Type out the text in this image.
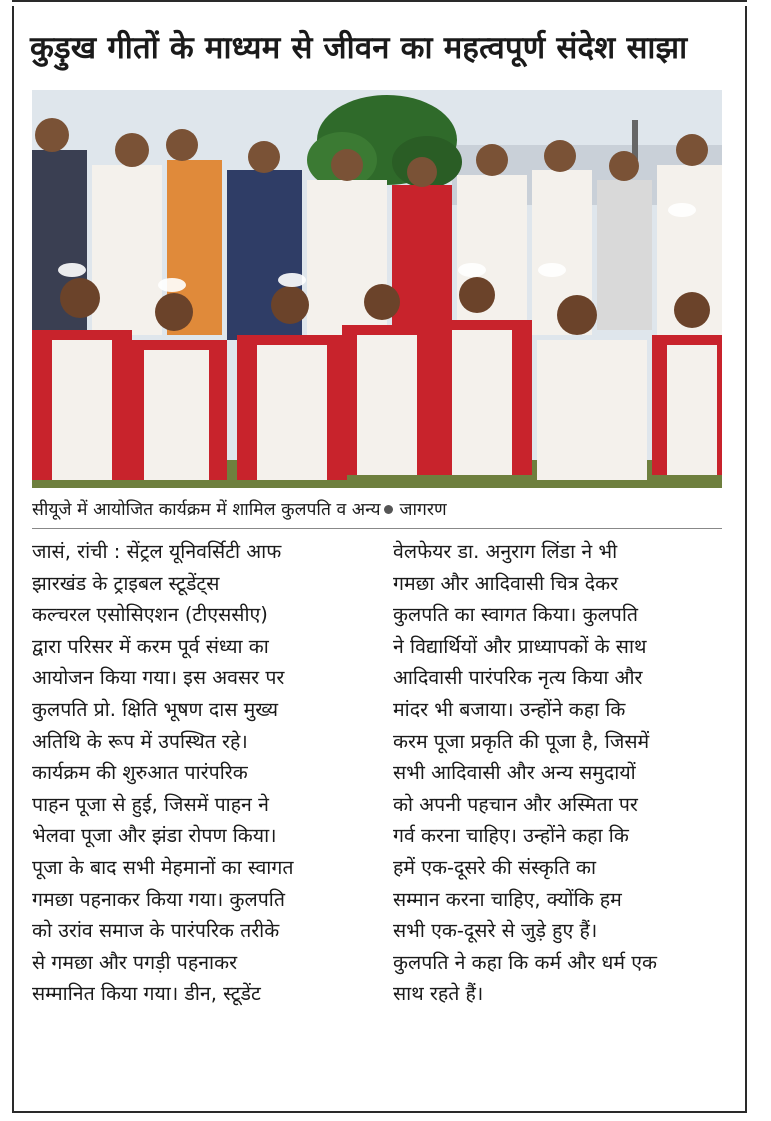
कुड़ुख गीतों के माध्यम से जीवन का महत्वपूर्ण संदेश साझा
सीयूजे में आयोजित कार्यक्रम में शामिल कुलपति व अन्य जागरण
जासं, रांची : सेंट्रल यूनिवर्सिटी आफ
झारखंड के ट्राइबल स्टूडेंट्स
कल्चरल एसोसिएशन (टीएससीए)
द्वारा परिसर में करम पूर्व संध्या का
आयोजन किया गया। इस अवसर पर
कुलपति प्रो. क्षिति भूषण दास मुख्य
अतिथि के रूप में उपस्थित रहे।
कार्यक्रम की शुरुआत पारंपरिक
पाहन पूजा से हुई, जिसमें पाहन ने
भेलवा पूजा और झंडा रोपण किया।
पूजा के बाद सभी मेहमानों का स्वागत
गमछा पहनाकर किया गया। कुलपति
को उरांव समाज के पारंपरिक तरीके
से गमछा और पगड़ी पहनाकर
सम्मानित किया गया। डीन, स्टूडेंट
वेलफेयर डा. अनुराग लिंडा ने भी
गमछा और आदिवासी चित्र देकर
कुलपति का स्वागत किया। कुलपति
ने विद्यार्थियों और प्राध्यापकों के साथ
आदिवासी पारंपरिक नृत्य किया और
मांदर भी बजाया। उन्होंने कहा कि
करम पूजा प्रकृति की पूजा है, जिसमें
सभी आदिवासी और अन्य समुदायों
को अपनी पहचान और अस्मिता पर
गर्व करना चाहिए। उन्होंने कहा कि
हमें एक-दूसरे की संस्कृति का
सम्मान करना चाहिए, क्योंकि हम
सभी एक-दूसरे से जुड़े हुए हैं।
कुलपति ने कहा कि कर्म और धर्म एक
साथ रहते हैं।
